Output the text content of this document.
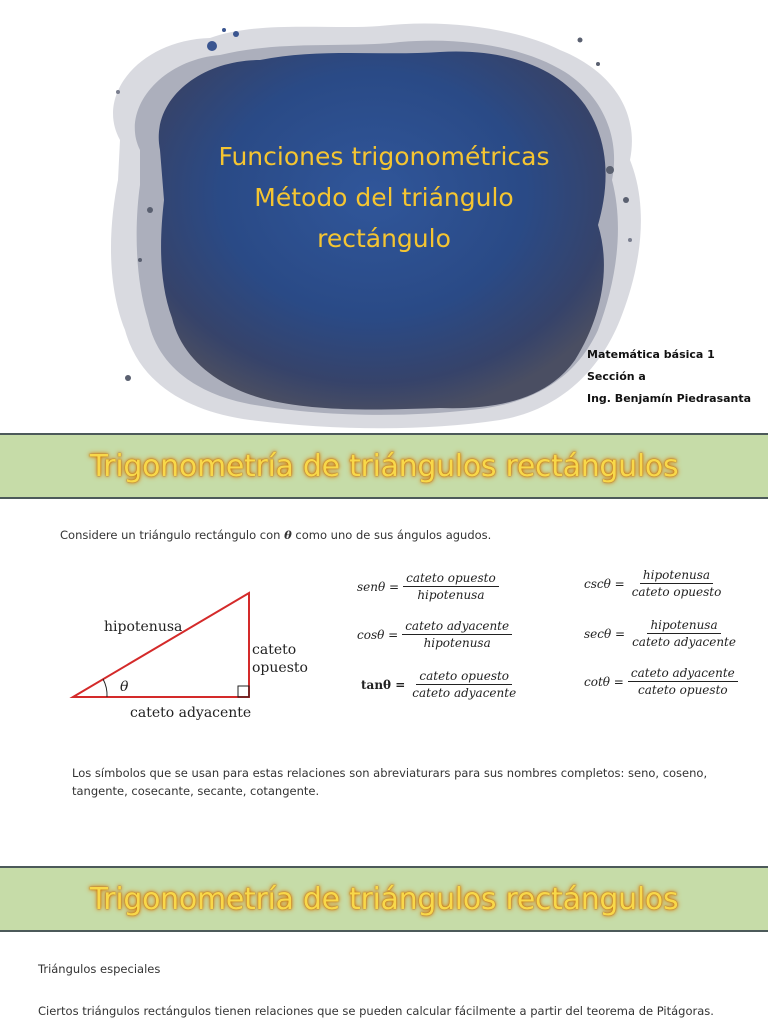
Funciones trigonométricas
Método del triángulo
rectángulo
Matemática básica 1
Sección a
Ing. Benjamín Piedrasanta
Trigonometría de triángulos rectángulos
Considere un triángulo rectángulo con θ como uno de sus ángulos agudos.
θ
hipotenusa
cateto
opuesto
cateto adyacente
$sen\theta = \frac{\text{cateto opuesto}}{\text{hipotenusa}}$
$\cos\theta = \frac{\text{cateto adyacente}}{\text{hipotenusa}}$
$\tan\theta = \frac{\text{cateto opuesto}}{\text{cateto adyacente}}$
$\csc\theta = \frac{\text{hipotenusa}}{\text{cateto opuesto}}$
$\sec\theta = \frac{\text{hipotenusa}}{\text{cateto adyacente}}$
$\cot\theta = \frac{\text{cateto adyacente}}{\text{cateto opuesto}}$
Los símbolos que se usan para estas relaciones son abreviaturars para sus nombres completos: seno, coseno, tangente, cosecante, secante, cotangente.
Trigonometría de triángulos rectángulos
Triángulos especiales
Ciertos triángulos rectángulos tienen relaciones que se pueden calcular fácilmente a partir del teorema de Pitágoras.
